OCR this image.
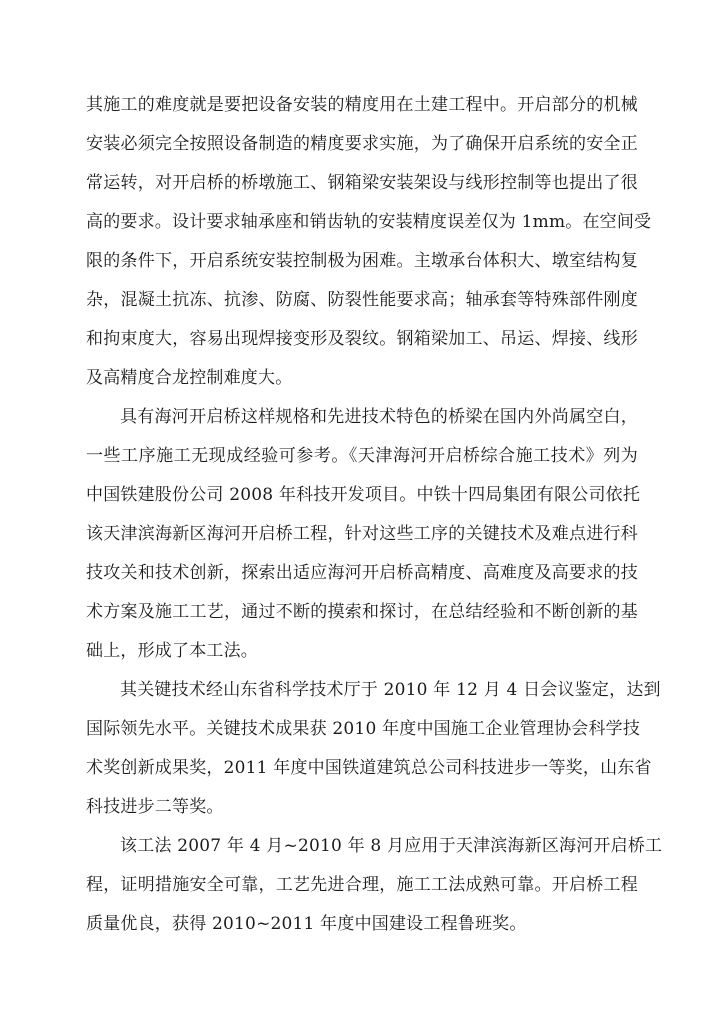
其施工的难度就是要把设备安装的精度用在土建工程中。开启部分的机械
安装必须完全按照设备制造的精度要求实施，为了确保开启系统的安全正
常运转，对开启桥的桥墩施工、钢箱梁安装架设与线形控制等也提出了很
高的要求。设计要求轴承座和销齿轨的安装精度误差仅为 1mm。在空间受
限的条件下，开启系统安装控制极为困难。主墩承台体积大、墩室结构复
杂，混凝土抗冻、抗渗、防腐、防裂性能要求高；轴承套等特殊部件刚度
和拘束度大，容易出现焊接变形及裂纹。钢箱梁加工、吊运、焊接、线形
及高精度合龙控制难度大。
具有海河开启桥这样规格和先进技术特色的桥梁在国内外尚属空白，
一些工序施工无现成经验可参考。《天津海河开启桥综合施工技术》列为
中国铁建股份公司 2008 年科技开发项目。中铁十四局集团有限公司依托
该天津滨海新区海河开启桥工程，针对这些工序的关键技术及难点进行科
技攻关和技术创新，探索出适应海河开启桥高精度、高难度及高要求的技
术方案及施工工艺，通过不断的摸索和探讨，在总结经验和不断创新的基
础上，形成了本工法。
其关键技术经山东省科学技术厅于 2010 年 12 月 4 日会议鉴定，达到
国际领先水平。关键技术成果获 2010 年度中国施工企业管理协会科学技
术奖创新成果奖，2011 年度中国铁道建筑总公司科技进步一等奖，山东省
科技进步二等奖。
该工法 2007 年 4 月~2010 年 8 月应用于天津滨海新区海河开启桥工
程，证明措施安全可靠，工艺先进合理，施工工法成熟可靠。开启桥工程
质量优良，获得 2010~2011 年度中国建设工程鲁班奖。
